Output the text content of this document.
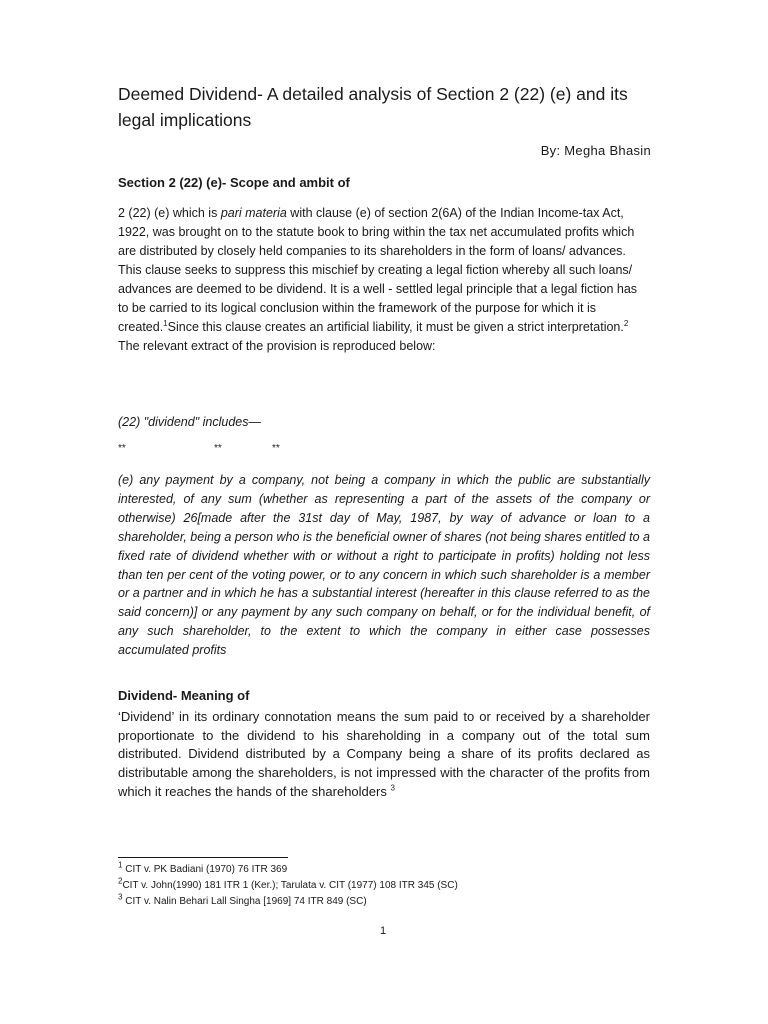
Deemed Dividend- A detailed analysis of Section 2 (22) (e) and its legal implications
By: Megha Bhasin
Section 2 (22) (e)- Scope and ambit of

2 (22) (e) which is pari materia with clause (e) of section 2(6A) of the Indian Income-tax Act, 1922, was brought on to the statute book to bring within the tax net accumulated profits which are distributed by closely held companies to its shareholders in the form of loans/ advances. This clause seeks to suppress this mischief by creating a legal fiction whereby all such loans/ advances are deemed to be dividend. It is a well - settled legal principle that a legal fiction has to be carried to its logical conclusion within the framework of the purpose for which it is created.$^1$Since this clause creates an artificial liability, it must be given a strict interpretation.$^2$ The relevant extract of the provision is reproduced below:

(22) "dividend" includes—
**	**	**

(e) any payment by a company, not being a company in which the public are substantially interested, of any sum (whether as representing a part of the assets of the company or otherwise) 26[made after the 31st day of May, 1987, by way of advance or loan to a shareholder, being a person who is the beneficial owner of shares (not being shares entitled to a fixed rate of dividend whether with or without a right to participate in profits) holding not less than ten per cent of the voting power, or to any concern in which such shareholder is a member or a partner and in which he has a substantial interest (hereafter in this clause referred to as the said concern)] or any payment by any such company on behalf, or for the individual benefit, of any such shareholder, to the extent to which the company in either case possesses accumulated profits

Dividend- Meaning of

‘Dividend’ in its ordinary connotation means the sum paid to or received by a shareholder proportionate to the dividend to his shareholding in a company out of the total sum distributed. Dividend distributed by a Company being a share of its profits declared as distributable among the shareholders, is not impressed with the character of the profits from which it reaches the hands of the shareholders $^3$

$^1$ CIT v. PK Badiani (1970) 76 ITR 369

$^2$CIT v. John(1990) 181 ITR 1 (Ker.); Tarulata v. CIT (1977) 108 ITR 345 (SC)

$^3$ CIT v. Nalin Behari Lall Singha [1969] 74 ITR 849 (SC)

1
